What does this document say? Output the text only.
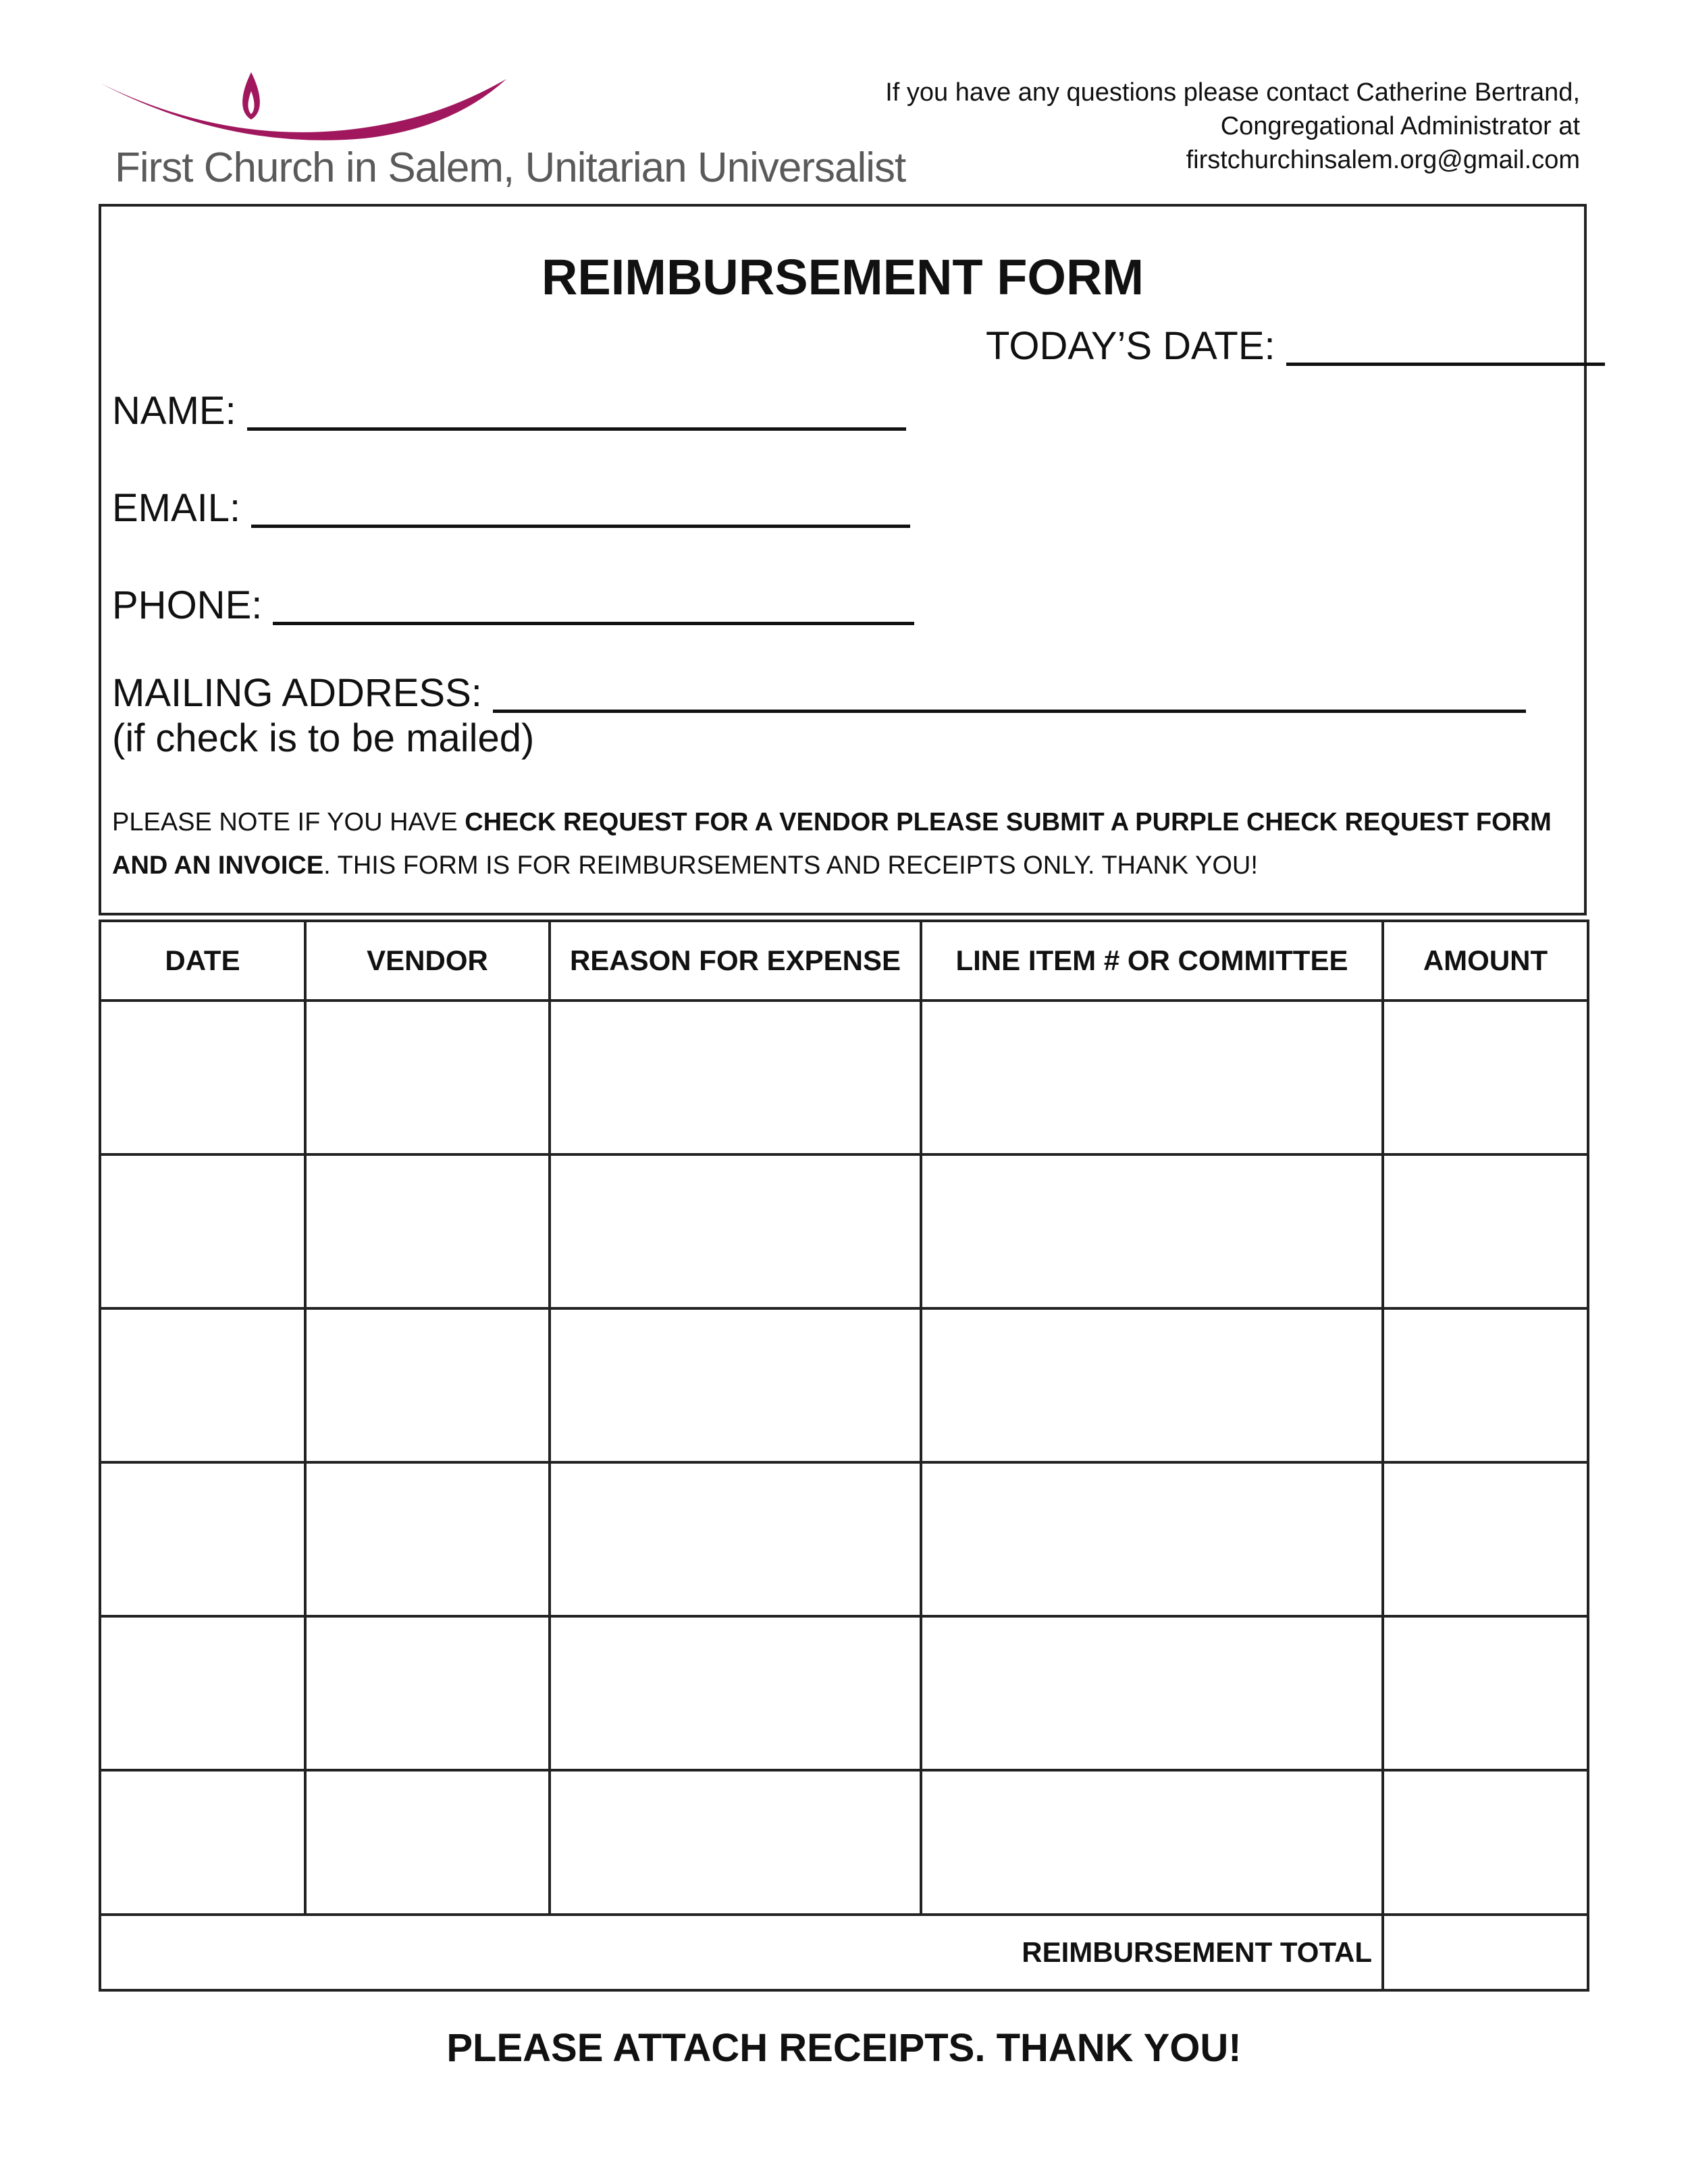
First Church in Salem, Unitarian Universalist
If you have any questions please contact Catherine Bertrand,
Congregational Administrator at
firstchurchinsalem.org@gmail.com
REIMBURSEMENT FORM
TODAY’S DATE:
NAME:
EMAIL:
PHONE:
MAILING ADDRESS:
(if check is to be mailed)
PLEASE NOTE IF YOU HAVE CHECK REQUEST FOR A VENDOR PLEASE SUBMIT A PURPLE CHECK REQUEST FORM AND AN INVOICE. THIS FORM IS FOR REIMBURSEMENTS AND RECEIPTS ONLY. THANK YOU!
DATE	VENDOR	REASON FOR EXPENSE	LINE ITEM # OR COMMITTEE	AMOUNT

REIMBURSEMENT TOTAL				
PLEASE ATTACH RECEIPTS. THANK YOU!
